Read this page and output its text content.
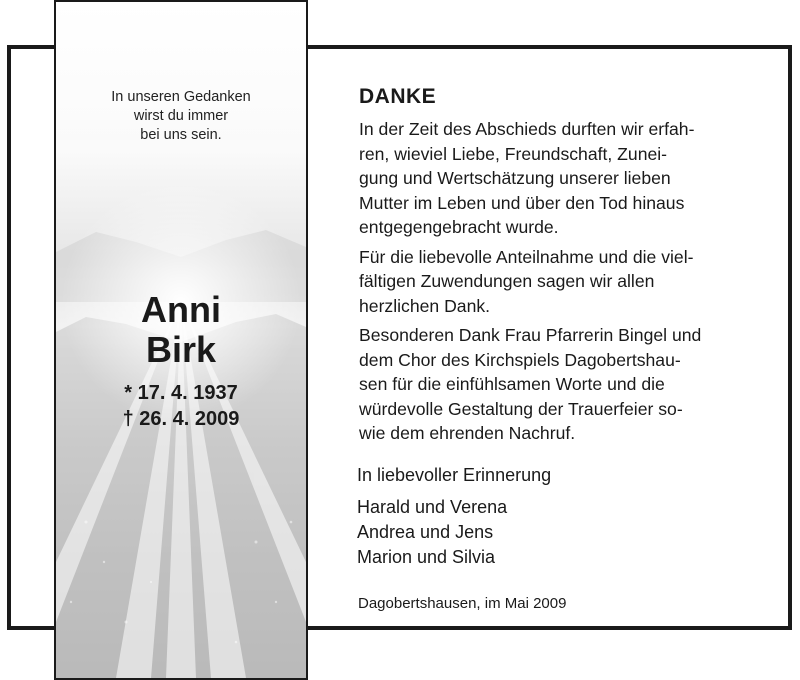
In unseren Gedanken
wirst du immer
bei uns sein.
Anni
Birk
* 17. 4. 1937
† 26. 4. 2009
DANKE
In der Zeit des Abschieds durften wir erfah-
ren, wieviel Liebe, Freundschaft, Zunei-
gung und Wertschätzung unserer lieben
Mutter im Leben und über den Tod hinaus
entgegengebracht wurde.
Für die liebevolle Anteilnahme und die viel-
fältigen Zuwendungen sagen wir allen
herzlichen Dank.
Besonderen Dank Frau Pfarrerin Bingel und
dem Chor des Kirchspiels Dagobertshau-
sen für die einfühlsamen Worte und die
würdevolle Gestaltung der Trauerfeier so-
wie dem ehrenden Nachruf.
In liebevoller Erinnerung
Harald und Verena
Andrea und Jens
Marion und Silvia
Dagobertshausen, im Mai 2009
